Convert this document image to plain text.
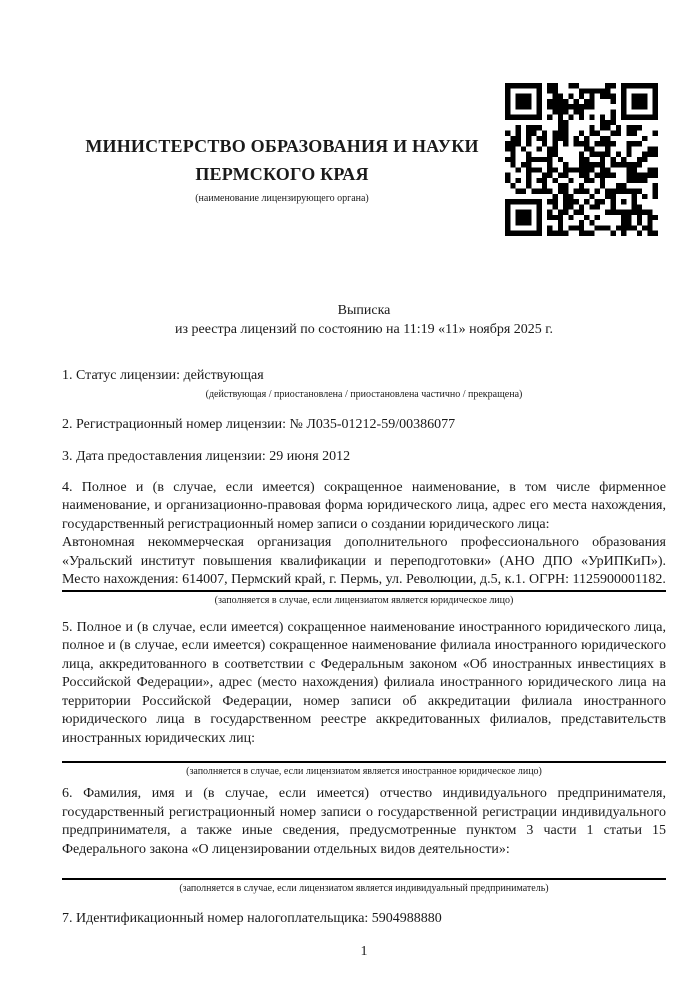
МИНИСТЕРСТВО ОБРАЗОВАНИЯ И НАУКИ
ПЕРМСКОГО КРАЯ
(наименование лицензирующего органа)

Выписка

из реестра лицензий по состоянию на 11:19 «11» ноября 2025 г.

1. Статус лицензии: действующая

(действующая / приостановлена / приостановлена частично / прекращена)

2. Регистрационный номер лицензии: № Л035-01212-59/00386077

3. Дата предоставления лицензии: 29 июня 2012

4. Полное и (в случае, если имеется) сокращенное наименование, в том числе фирменное наименование, и организационно-правовая форма юридического лица, адрес его места нахождения, государственный регистрационный номер записи о создании юридического лица:

Автономная некоммерческая организация дополнительного профессионального образования «Уральский институт повышения квалификации и переподготовки» (АНО ДПО «УрИПКиП»). Место нахождения: 614007, Пермский край, г. Пермь, ул. Революции, д.5, к.1. ОГРН: 1125900001182.

(заполняется в случае, если лицензиатом является юридическое лицо)

5. Полное и (в случае, если имеется) сокращенное наименование иностранного юридического лица, полное и (в случае, если имеется) сокращенное наименование филиала иностранного юридического лица, аккредитованного в соответствии с Федеральным законом «Об иностранных инвестициях в Российской Федерации», адрес (место нахождения) филиала иностранного юридического лица на территории Российской Федерации, номер записи об аккредитации филиала иностранного юридического лица в государственном реестре аккредитованных филиалов, представительств иностранных юридических лиц:

(заполняется в случае, если лицензиатом является иностранное юридическое лицо)

6. Фамилия, имя и (в случае, если имеется) отчество индивидуального предпринимателя, государственный регистрационный номер записи о государственной регистрации индивидуального предпринимателя, а также иные сведения, предусмотренные пунктом 3 части 1 статьи 15 Федерального закона «О лицензировании отдельных видов деятельности»:

(заполняется в случае, если лицензиатом является индивидуальный предприниматель)

7. Идентификационный номер налогоплательщика: 5904988880

1
